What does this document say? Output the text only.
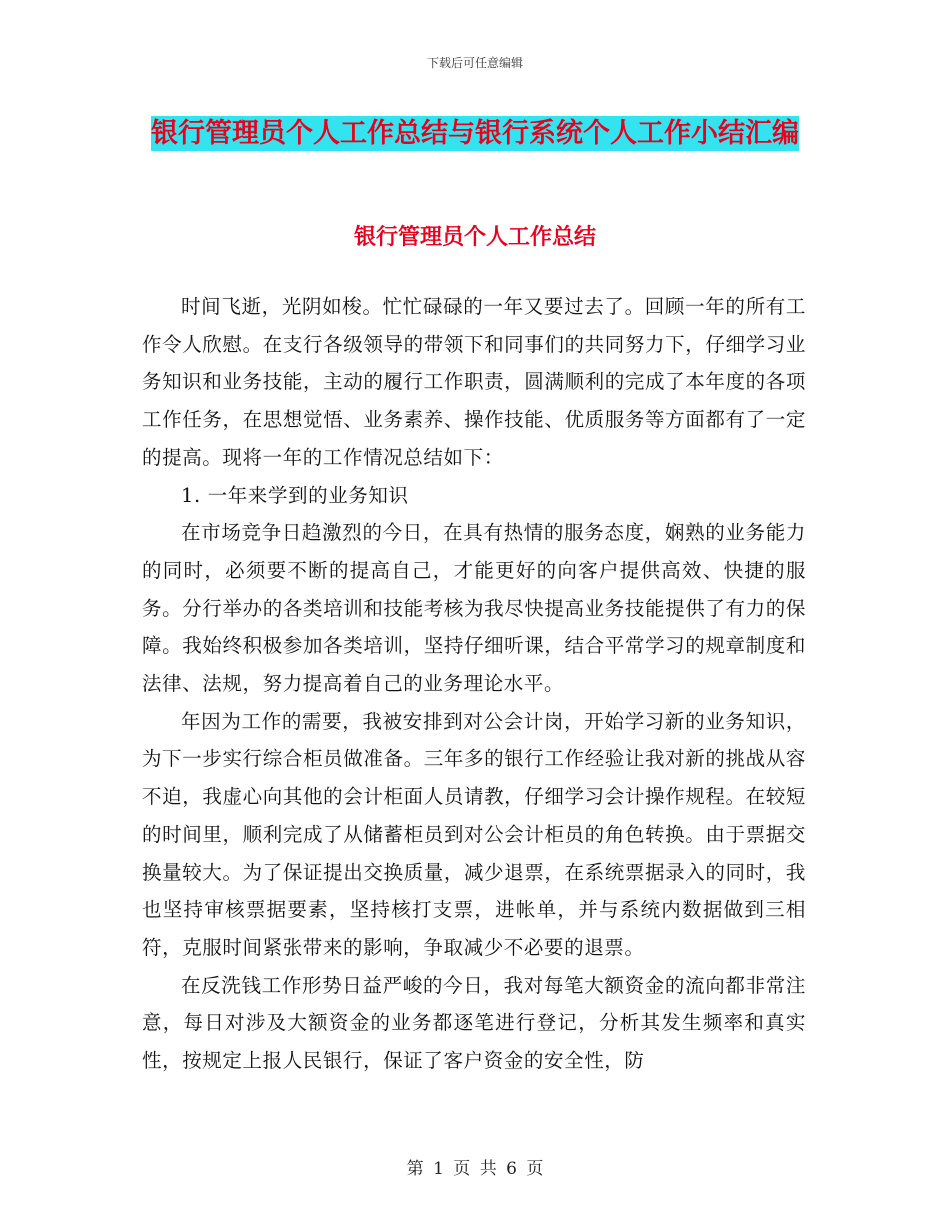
下载后可任意编辑
银行管理员个人工作总结与银行系统个人工作小结汇编
银行管理员个人工作总结

时间飞逝，光阴如梭。忙忙碌碌的一年又要过去了。回顾一年的所有工作令人欣慰。在支行各级领导的带领下和同事们的共同努力下，仔细学习业务知识和业务技能，主动的履行工作职责，圆满顺利的完成了本年度的各项工作任务，在思想觉悟、业务素养、操作技能、优质服务等方面都有了一定的提高。现将一年的工作情况总结如下：

1. 一年来学到的业务知识

在市场竞争日趋激烈的今日，在具有热情的服务态度，娴熟的业务能力的同时，必须要不断的提高自己，才能更好的向客户提供高效、快捷的服务。分行举办的各类培训和技能考核为我尽快提高业务技能提供了有力的保障。我始终积极参加各类培训，坚持仔细听课，结合平常学习的规章制度和法律、法规，努力提高着自己的业务理论水平。

年因为工作的需要，我被安排到对公会计岗，开始学习新的业务知识，为下一步实行综合柜员做准备。三年多的银行工作经验让我对新的挑战从容不迫，我虚心向其他的会计柜面人员请教，仔细学习会计操作规程。在较短的时间里，顺利完成了从储蓄柜员到对公会计柜员的角色转换。由于票据交换量较大。为了保证提出交换质量，减少退票，在系统票据录入的同时，我也坚持审核票据要素，坚持核打支票，进帐单，并与系统内数据做到三相符，克服时间紧张带来的影响，争取减少不必要的退票。

在反洗钱工作形势日益严峻的今日，我对每笔大额资金的流向都非常注意，每日对涉及大额资金的业务都逐笔进行登记，分析其发生频率和真实性，按规定上报人民银行，保证了客户资金的安全性，防

第 1 页 共 6 页
